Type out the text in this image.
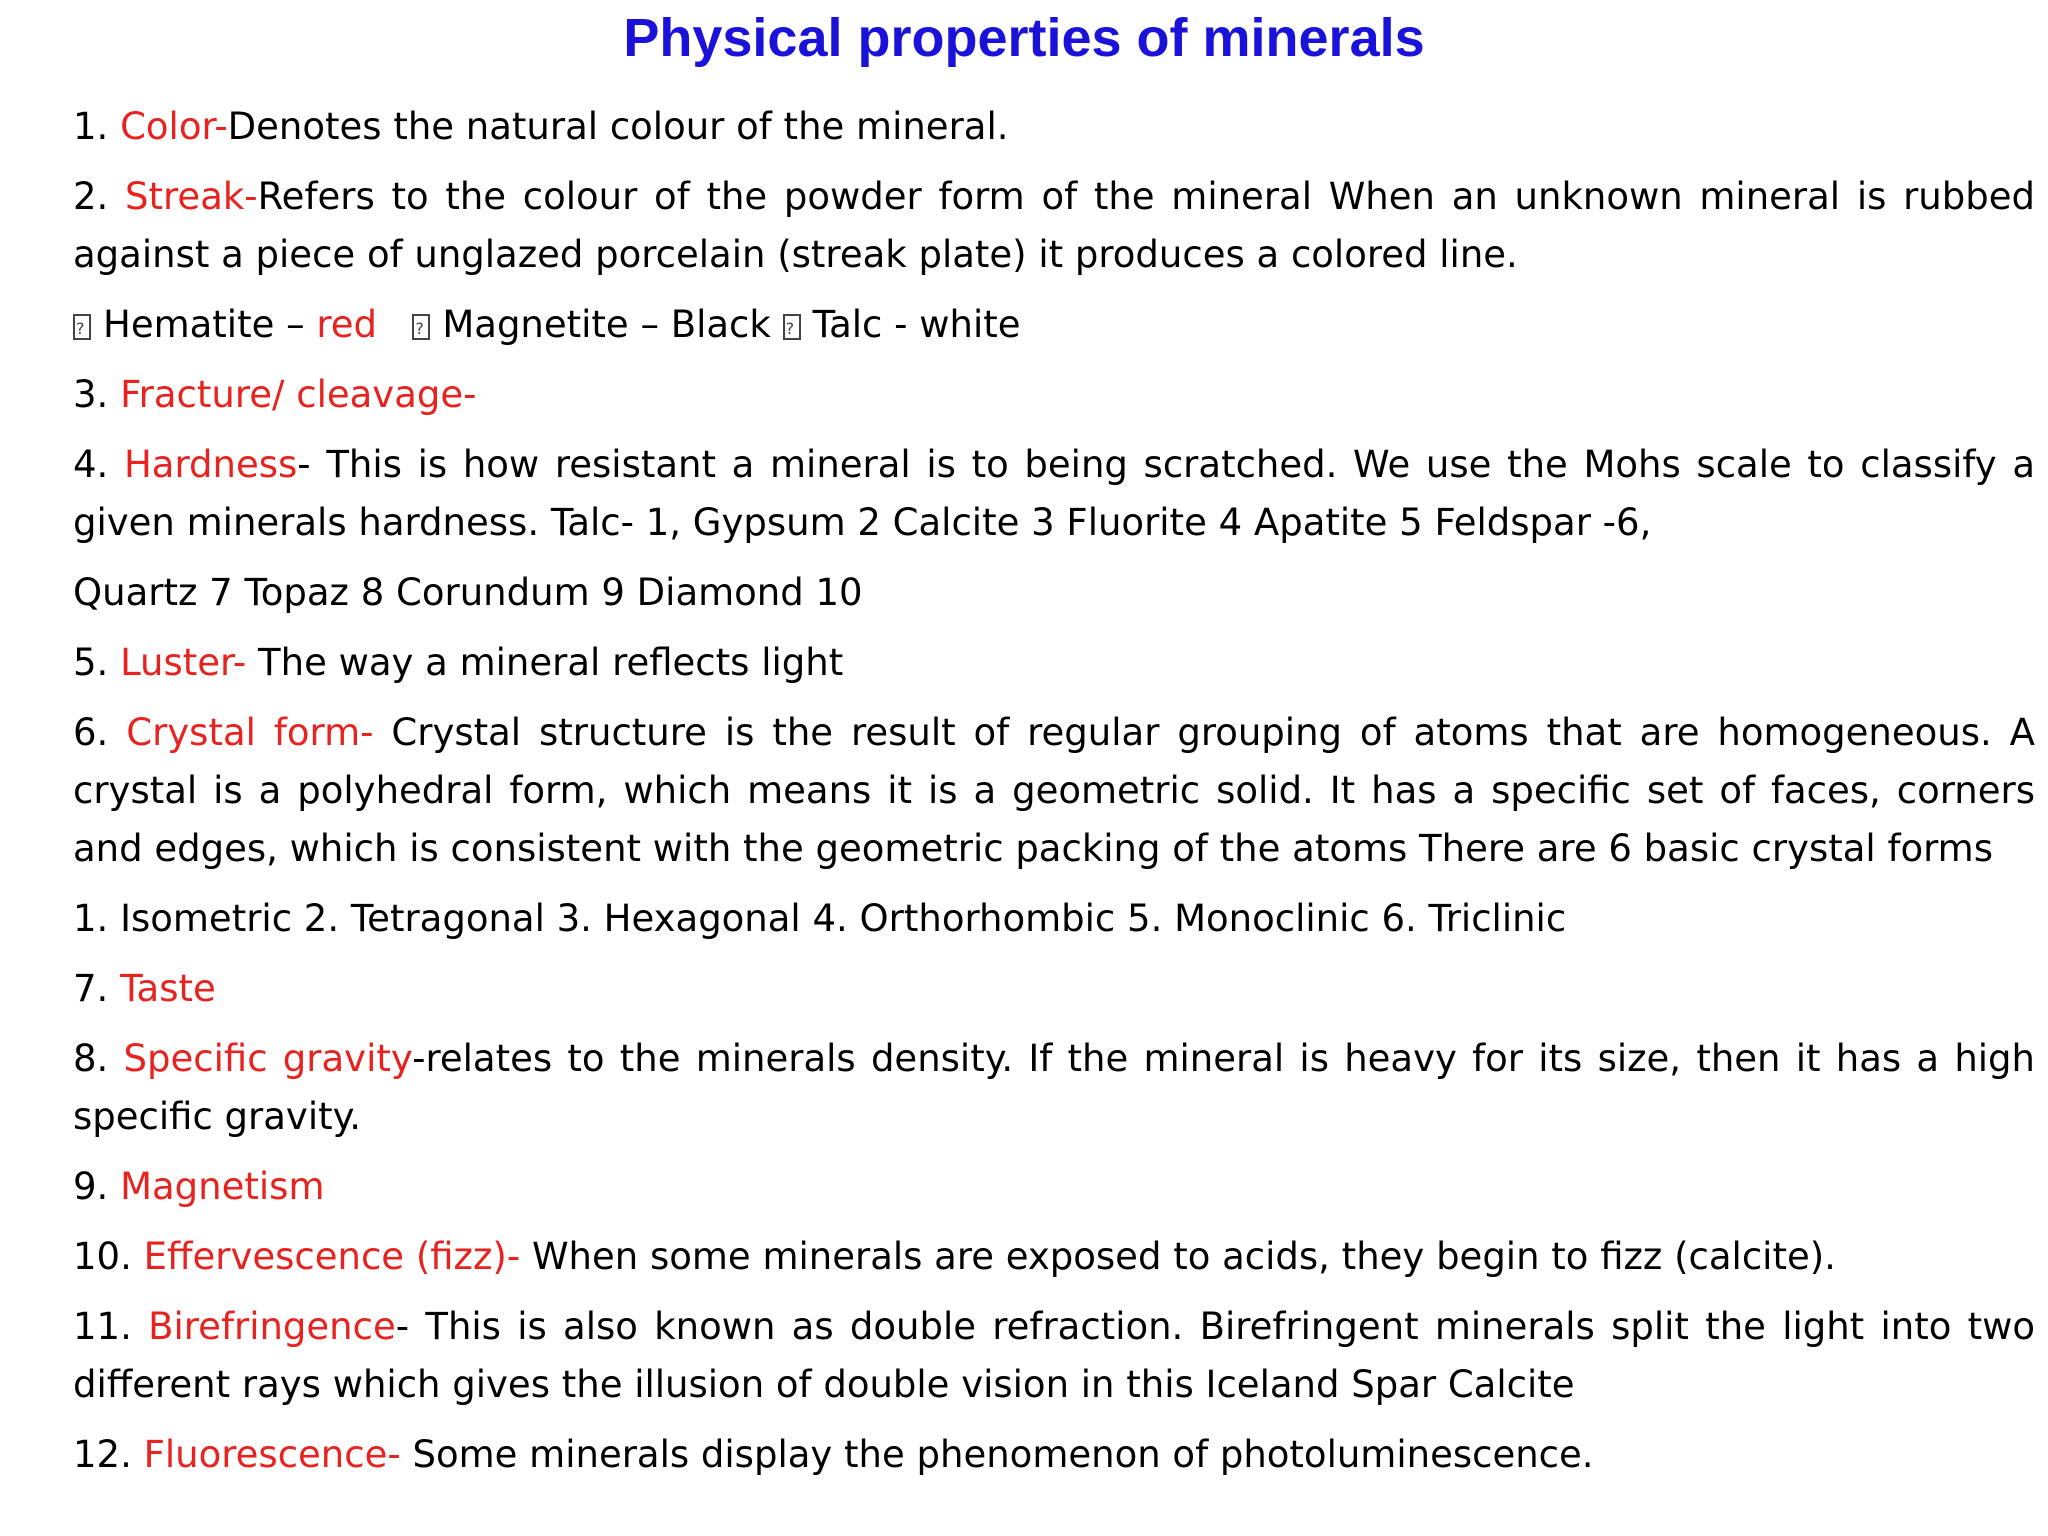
Physical properties of minerals

1. Color-Denotes the natural colour of the mineral.

2. Streak-Refers to the colour of the powder form of the mineral When an unknown mineral is rubbed against a piece of unglazed porcelain (streak plate) it produces a colored line.

?Hematite – red ? Magnetite – Black ? Talc - white

3. Fracture/ cleavage-

4. Hardness- This is how resistant a mineral is to being scratched. We use the Mohs scale to classify a given minerals hardness. Talc- 1, Gypsum 2 Calcite 3 Fluorite 4 Apatite 5 Feldspar -6,

Quartz 7 Topaz 8 Corundum 9 Diamond 10

5. Luster- The way a mineral reflects light

6. Crystal form- Crystal structure is the result of regular grouping of atoms that are homogeneous. A crystal is a polyhedral form, which means it is a geometric solid. It has a specific set of faces, corners and edges, which is consistent with the geometric packing of the atoms There are 6 basic crystal forms

1. Isometric 2. Tetragonal 3. Hexagonal 4. Orthorhombic 5. Monoclinic 6. Triclinic

7. Taste

8. Specific gravity-relates to the minerals density. If the mineral is heavy for its size, then it has a high specific gravity.

9. Magnetism

10. Effervescence (fizz)- When some minerals are exposed to acids, they begin to fizz (calcite).

11. Birefringence- This is also known as double refraction. Birefringent minerals split the light into two different rays which gives the illusion of double vision in this Iceland Spar Calcite

12. Fluorescence- Some minerals display the phenomenon of photoluminescence.
